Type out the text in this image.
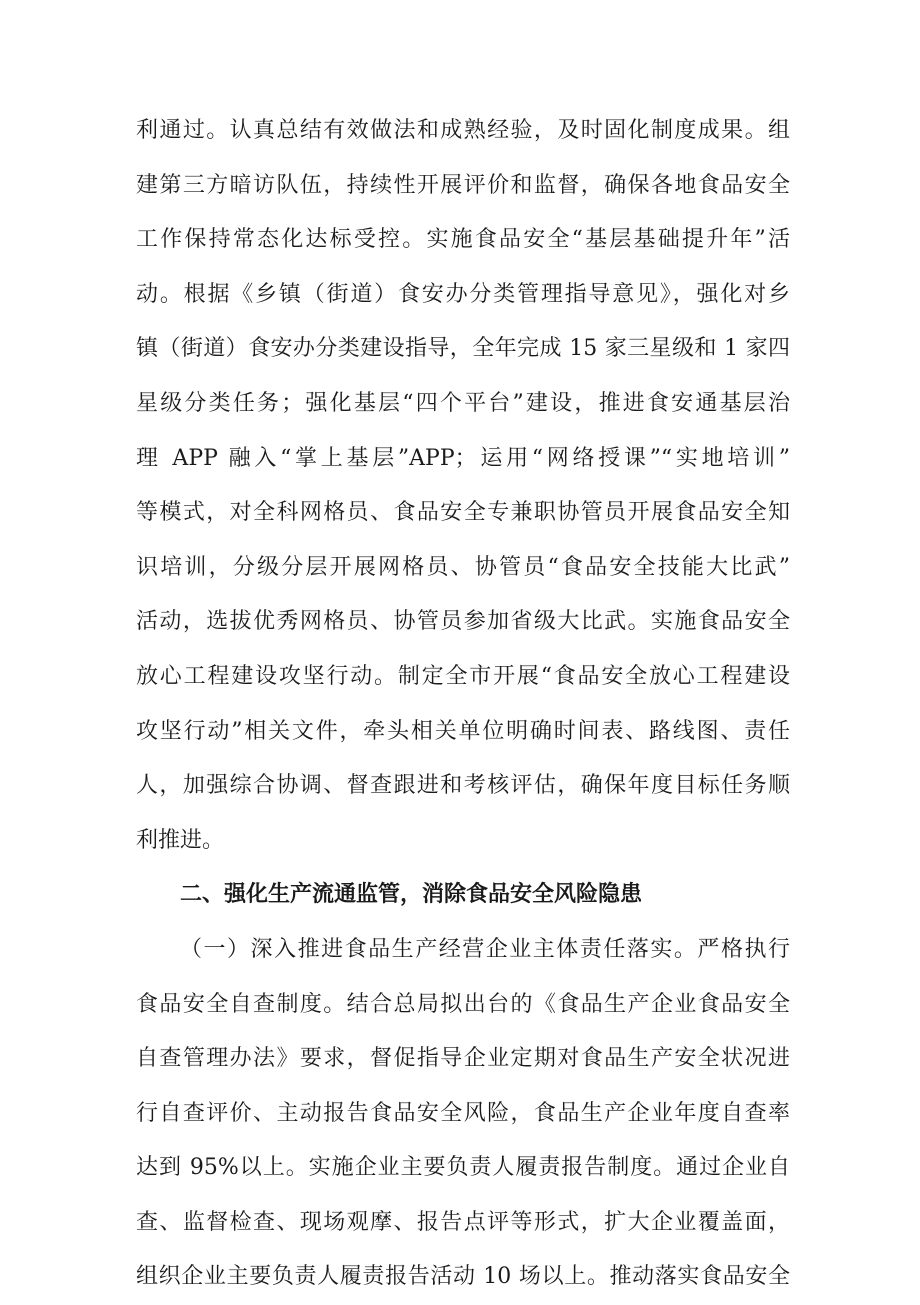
利通过。认真总结有效做法和成熟经验，及时固化制度成果。组
建第三方暗访队伍，持续性开展评价和监督，确保各地食品安全
工作保持常态化达标受控。实施食品安全“基层基础提升年”活
动。根据《乡镇（街道）食安办分类管理指导意见》，强化对乡
镇（街道）食安办分类建设指导，全年完成 15 家三星级和 1 家四
星级分类任务；强化基层“四个平台”建设，推进食安通基层治
理 APP 融入“掌上基层”APP；运用“网络授课”“实地培训”
等模式，对全科网格员、食品安全专兼职协管员开展食品安全知
识培训，分级分层开展网格员、协管员“食品安全技能大比武”
活动，选拔优秀网格员、协管员参加省级大比武。实施食品安全
放心工程建设攻坚行动。制定全市开展“食品安全放心工程建设
攻坚行动”相关文件，牵头相关单位明确时间表、路线图、责任
人，加强综合协调、督查跟进和考核评估，确保年度目标任务顺
利推进。
二、强化生产流通监管，消除食品安全风险隐患
（一）深入推进食品生产经营企业主体责任落实。严格执行
食品安全自查制度。结合总局拟出台的《食品生产企业食品安全
自查管理办法》要求，督促指导企业定期对食品生产安全状况进
行自查评价、主动报告食品安全风险，食品生产企业年度自查率
达到 95%以上。实施企业主要负责人履责报告制度。通过企业自
查、监督检查、现场观摩、报告点评等形式，扩大企业覆盖面，
组织企业主要负责人履责报告活动 10 场以上。推动落实食品安全
